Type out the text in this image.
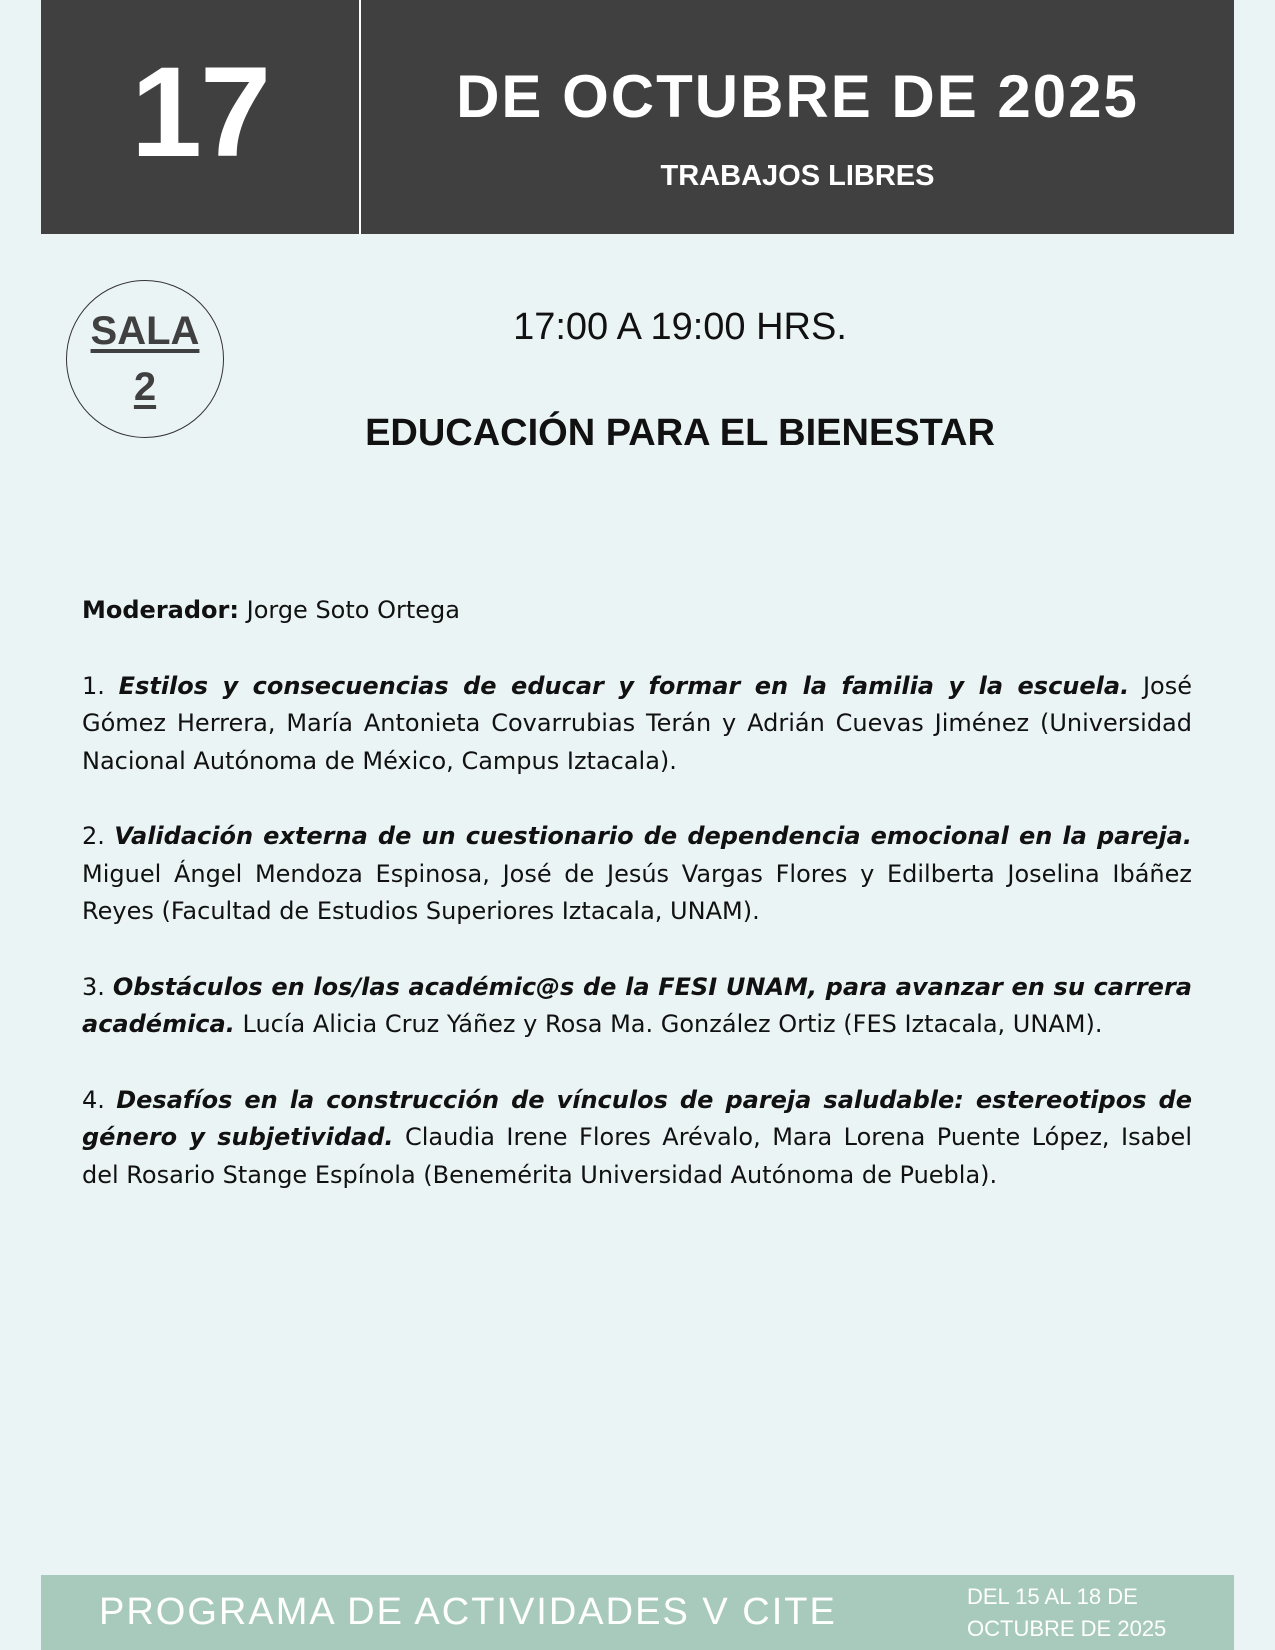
17	DE OCTUBRE DE 2025
TRABAJOS LIBRES
SALA
2
17:00 A 19:00 HRS.
EDUCACIÓN PARA EL BIENESTAR

Moderador: Jorge Soto Ortega

1. Estilos y consecuencias de educar y formar en la familia y la escuela. José Gómez Herrera, María Antonieta Covarrubias Terán y Adrián Cuevas Jiménez (Universidad Nacional Autónoma de México, Campus Iztacala).

2. Validación externa de un cuestionario de dependencia emocional en la pareja. Miguel Ángel Mendoza Espinosa, José de Jesús Vargas Flores y Edilberta Joselina Ibáñez Reyes (Facultad de Estudios Superiores Iztacala, UNAM).

3. Obstáculos en los/las académic@s de la FESI UNAM, para avanzar en su carrera académica. Lucía Alicia Cruz Yáñez y Rosa Ma. González Ortiz (FES Iztacala, UNAM).

4. Desafíos en la construcción de vínculos de pareja saludable: estereotipos de género y subjetividad. Claudia Irene Flores Arévalo, Mara Lorena Puente López, Isabel del Rosario Stange Espínola (Benemérita Universidad Autónoma de Puebla).

PROGRAMA DE ACTIVIDADES V CITE	DEL 15 AL 18 DE
OCTUBRE DE 2025
